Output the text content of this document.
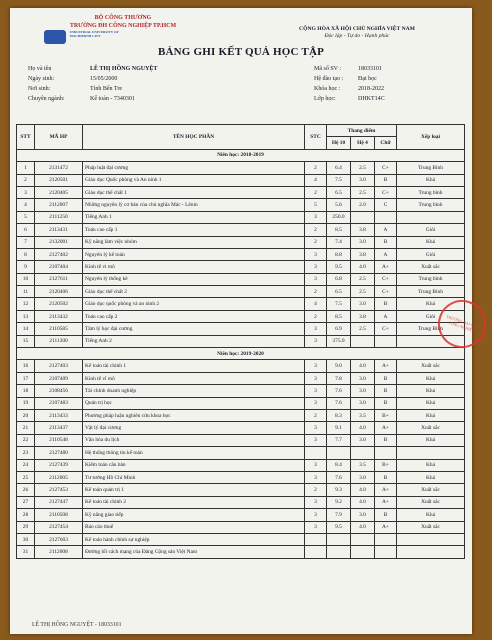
BỘ CÔNG THƯƠNG
TRƯỜNG ĐH CÔNG NGHIỆP TP.HCM
INDUSTRIAL UNIVERSITY OF HOCHIMINH CITY
CỘNG HÒA XÃ HỘI CHỦ NGHĨA VIỆT NAM
Độc lập - Tự do - Hạnh phúc
BẢNG GHI KẾT QUẢ HỌC TẬP
Họ và tên	LÊ THỊ HỒNG NGUYỆT
Ngày sinh:	15/05/2000
Nơi sinh:	Tỉnh Bến Tre
Chuyên ngành:	Kế toán - 7340301
Mã số SV :	18033101
Hệ đào tạo :	Đại học
Khóa học :	2018-2022
Lớp học:	DHKT14C
STT	MÃ HP	TÊN HỌC PHẦN	STC	Thang điểm			Xếp loại
				Hệ 10	Hệ 4	Chữ	
Niên học: 2018-2019							
1	2131472	Pháp luật đại cương	2	6.4	2.5	C+	Trung Bình
2	2120501	Giáo dục Quốc phòng và An ninh 1	4	7.5	3.0	B	Khá
3	2120405	Giáo dục thể chất 1	2	6.5	2.5	C+	Trung bình
4	2112007	Những nguyên lý cơ bản của chủ nghĩa Mác - Lênin	5	5.6	2.0	C	Trung bình
5	2111250	Tiếng Anh 1	3	250.0			
6	2113431	Toán cao cấp 1	2	8.5	3.8	A	Giỏi
7	2132001	Kỹ năng làm việc nhóm	2	7.4	3.0	B	Khá
8	2127402	Nguyên lý kế toán	3	8.8	3.8	A	Giỏi
9	2107404	Kinh tế vi mô	3	9.5	4.0	A+	Xuất sắc
10	2127611	Nguyên lý thống kê	3	6.8	2.5	C+	Trung bình
11	2120406	Giáo dục thể chất 2	2	6.5	2.5	C+	Trung Bình
12	2120502	Giáo dục quốc phòng và an ninh 2	4	7.5	3.0	B	Khá
13	2113432	Toán cao cấp 2	2	8.5	3.8	A	Giỏi
14	2110585	Tâm lý học đại cương	3	6.9	2.5	C+	Trung Bình
15	2111300	Tiếng Anh 2	3	375.0			
Niên học: 2019-2020							
16	2127403	Kế toán tài chính 1	3	9.0	4.0	A+	Xuất sắc
17	2107409	Kinh tế vĩ mô	3	7.8	3.0	B	Khá
18	2108456	Tài chính doanh nghiệp	3	7.6	3.0	B	Khá
19	2107483	Quản trị học	3	7.6	3.0	B	Khá
20	2113433	Phương pháp luận nghiên cứu khoa học	2	8.3	3.5	B+	Khá
21	2113437	Vật lý đại cương	3	9.1	4.0	A+	Xuất sắc
22	2110548	Văn hóa du lịch	3	7.7	3.0	B	Khá
23	2127480	Hệ thống thông tin kế toán					
24	2127439	Kiểm toán căn bản	3	8.4	3.5	B+	Khá
25	2112005	Tư tưởng Hồ Chí Minh	3	7.6	3.0	B	Khá
26	2127453	Kế toán quản trị 1	2	9.3	4.0	A+	Xuất sắc
27	2127447	Kế toán tài chính 2	3	9.2	4.0	A+	Xuất sắc
28	2110508	Kỹ năng giao tiếp	3	7.9	3.0	B	Khá
29	2127454	Báo cáo thuế	3	9.5	4.0	A+	Xuất sắc
30	2127603	Kế toán hành chính sự nghiệp					
31	2112008	Đường lối cách mạng của Đảng Cộng sản Việt Nam					
TRƯỜNG ĐẠI HỌC CÔNG NGHIỆP
LÊ THỊ HỒNG NGUYỆT - 18033101
